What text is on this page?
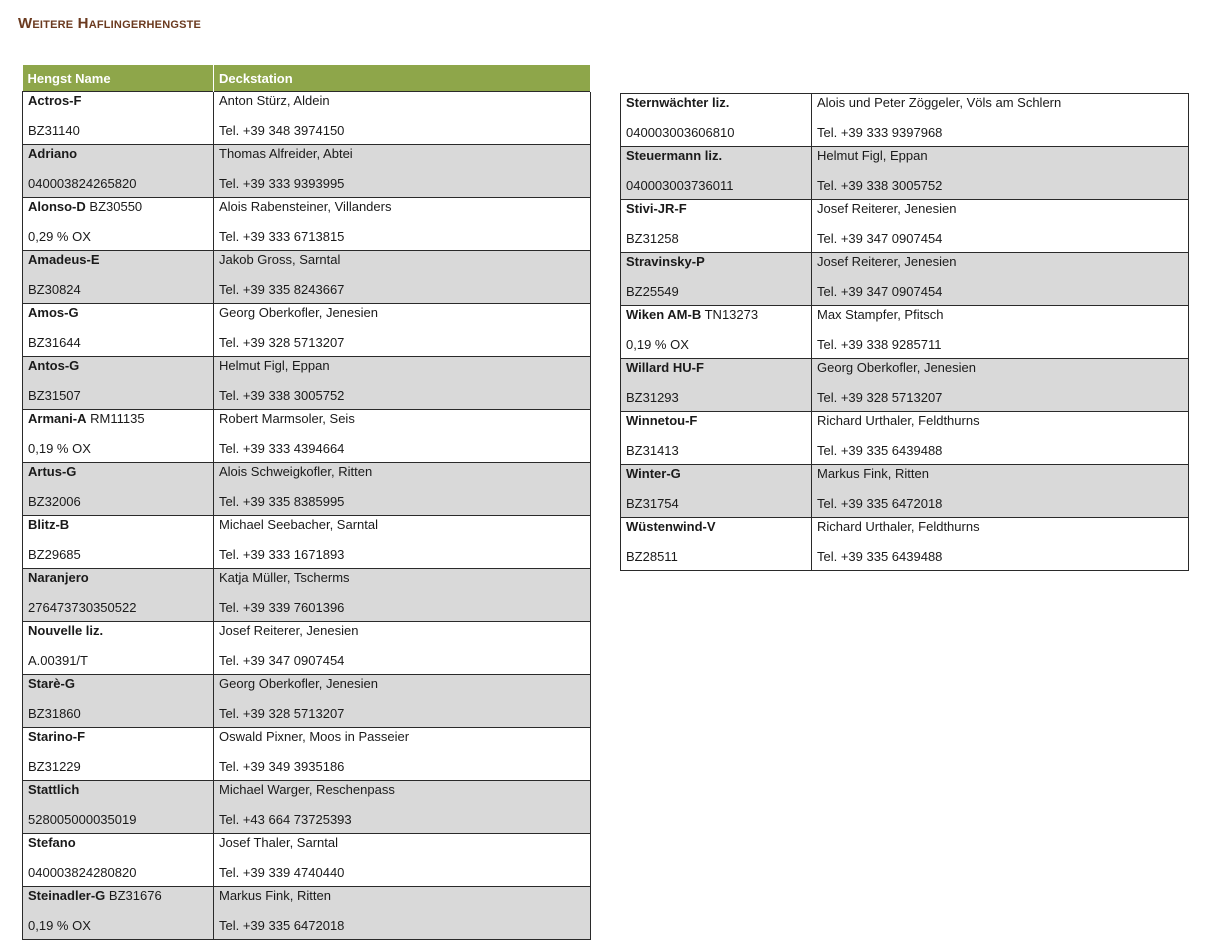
Weitere Haflingerhengste
Hengst Name	Deckstation

Actros-F
BZ31140	Anton Stürz, Aldein
Tel. +39 348 3974150

Adriano
040003824265820	Thomas Alfreider, Abtei
Tel. +39 333 9393995

Alonso-D BZ30550
0,29 % OX	Alois Rabensteiner, Villanders
Tel. +39 333 6713815

Amadeus-E
BZ30824	Jakob Gross, Sarntal
Tel. +39 335 8243667

Amos-G
BZ31644	Georg Oberkofler, Jenesien
Tel. +39 328 5713207

Antos-G
BZ31507	Helmut Figl, Eppan
Tel. +39 338 3005752

Armani-A RM11135
0,19 % OX	Robert Marmsoler, Seis
Tel. +39 333 4394664

Artus-G
BZ32006	Alois Schweigkofler, Ritten
Tel. +39 335 8385995

Blitz-B
BZ29685	Michael Seebacher, Sarntal
Tel. +39 333 1671893

Naranjero
276473730350522	Katja Müller, Tscherms
Tel. +39 339 7601396

Nouvelle liz.
A.00391/T	Josef Reiterer, Jenesien
Tel. +39 347 0907454

Starè-G
BZ31860	Georg Oberkofler, Jenesien
Tel. +39 328 5713207

Starino-F
BZ31229	Oswald Pixner, Moos in Passeier
Tel. +39 349 3935186

Stattlich
528005000035019	Michael Warger, Reschenpass
Tel. +43 664 73725393

Stefano
040003824280820	Josef Thaler, Sarntal
Tel. +39 339 4740440

Steinadler-G BZ31676
0,19 % OX	Markus Fink, Ritten
Tel. +39 335 6472018
Sternwächter liz.
040003003606810	Alois und Peter Zöggeler, Völs am Schlern
Tel. +39 333 9397968

Steuermann liz.
040003003736011	Helmut Figl, Eppan
Tel. +39 338 3005752

Stivi-JR-F
BZ31258	Josef Reiterer, Jenesien
Tel. +39 347 0907454

Stravinsky-P
BZ25549	Josef Reiterer, Jenesien
Tel. +39 347 0907454

Wiken AM-B TN13273
0,19 % OX	Max Stampfer, Pfitsch
Tel. +39 338 9285711

Willard HU-F
BZ31293	Georg Oberkofler, Jenesien
Tel. +39 328 5713207

Winnetou-F
BZ31413	Richard Urthaler, Feldthurns
Tel. +39 335 6439488

Winter-G
BZ31754	Markus Fink, Ritten
Tel. +39 335 6472018

Wüstenwind-V
BZ28511	Richard Urthaler, Feldthurns
Tel. +39 335 6439488
